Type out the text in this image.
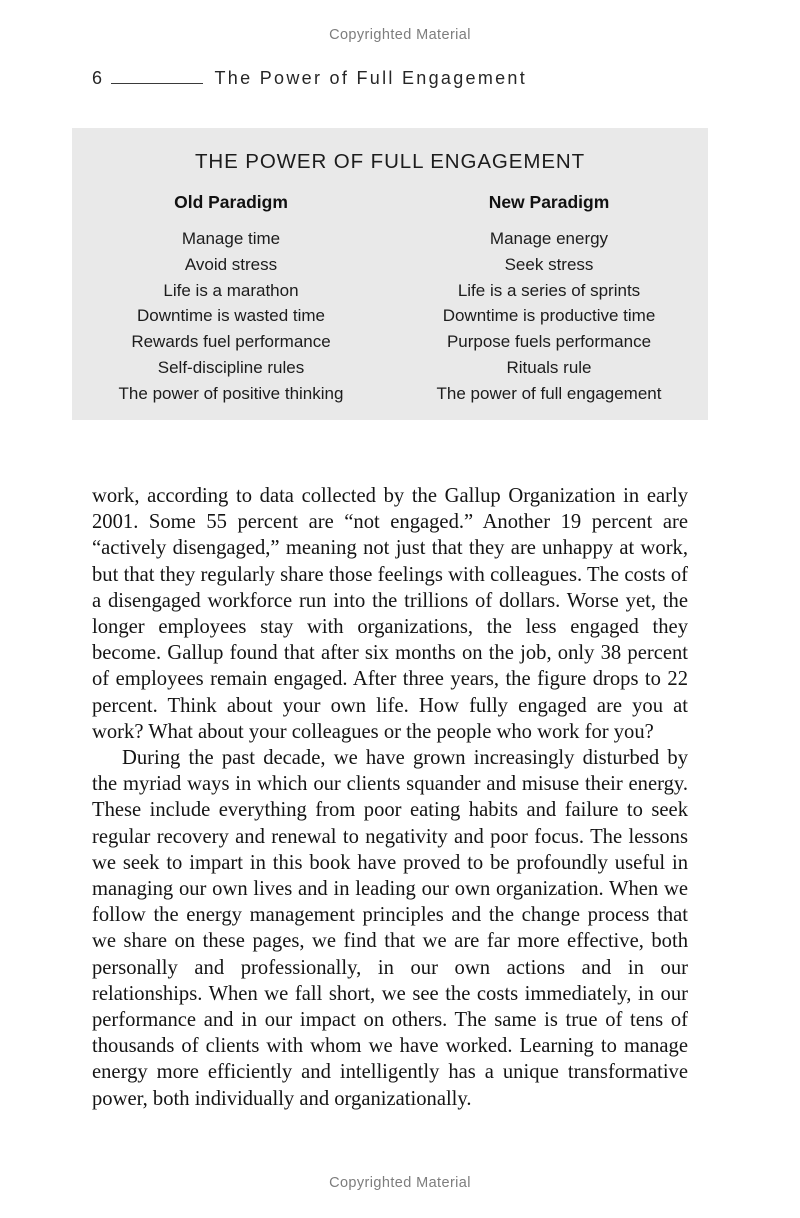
Copyrighted Material
6	The Power of Full Engagement
THE POWER OF FULL ENGAGEMENT
Old Paradigm
Manage time
Avoid stress
Life is a marathon
Downtime is wasted time
Rewards fuel performance
Self-discipline rules
The power of positive thinking
New Paradigm
Manage energy
Seek stress
Life is a series of sprints
Downtime is productive time
Purpose fuels performance
Rituals rule
The power of full engagement

work, according to data collected by the Gallup Organization in early 2001. Some 55 percent are “not engaged.” Another 19 percent are “actively disengaged,” meaning not just that they are unhappy at work, but that they regularly share those feelings with colleagues. The costs of a disengaged workforce run into the trillions of dollars. Worse yet, the longer employees stay with organizations, the less engaged they become. Gallup found that after six months on the job, only 38 percent of employees remain engaged. After three years, the figure drops to 22 percent. Think about your own life. How fully engaged are you at work? What about your colleagues or the people who work for you?

During the past decade, we have grown increasingly disturbed by the myriad ways in which our clients squander and misuse their energy. These include everything from poor eating habits and failure to seek regular recovery and renewal to negativity and poor focus. The lessons we seek to impart in this book have proved to be profoundly useful in managing our own lives and in leading our own organization. When we follow the energy management principles and the change process that we share on these pages, we find that we are far more effective, both personally and professionally, in our own actions and in our relationships. When we fall short, we see the costs immediately, in our performance and in our impact on others. The same is true of tens of thousands of clients with whom we have worked. Learning to manage energy more efficiently and intelligently has a unique transformative power, both individually and organizationally.

Copyrighted Material
